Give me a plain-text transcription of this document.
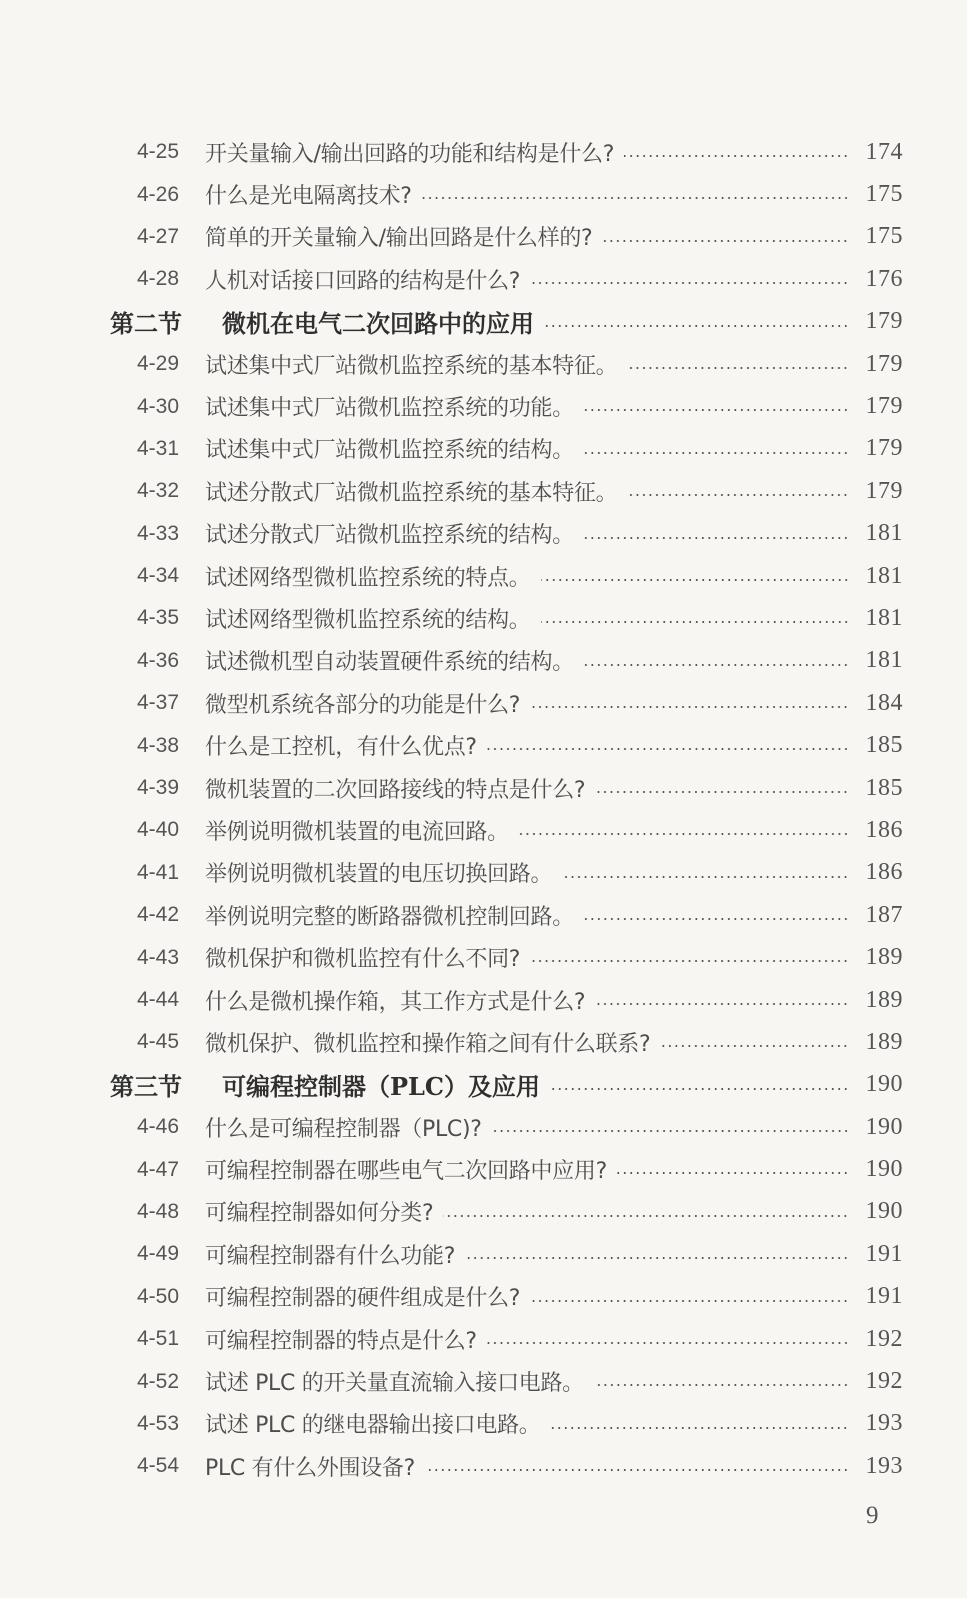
4-25	开关量输入/输出回路的功能和结构是什么?	174
4-26	什么是光电隔离技术?	175
4-27	简单的开关量输入/输出回路是什么样的?	175
4-28	人机对话接口回路的结构是什么?	176
第二节 微机在电气二次回路中的应用	179
4-29	试述集中式厂站微机监控系统的基本特征。	179
4-30	试述集中式厂站微机监控系统的功能。	179
4-31	试述集中式厂站微机监控系统的结构。	179
4-32	试述分散式厂站微机监控系统的基本特征。	179
4-33	试述分散式厂站微机监控系统的结构。	181
4-34	试述网络型微机监控系统的特点。	181
4-35	试述网络型微机监控系统的结构。	181
4-36	试述微机型自动装置硬件系统的结构。	181
4-37	微型机系统各部分的功能是什么?	184
4-38	什么是工控机，有什么优点?	185
4-39	微机装置的二次回路接线的特点是什么?	185
4-40	举例说明微机装置的电流回路。	186
4-41	举例说明微机装置的电压切换回路。	186
4-42	举例说明完整的断路器微机控制回路。	187
4-43	微机保护和微机监控有什么不同?	189
4-44	什么是微机操作箱，其工作方式是什么?	189
4-45	微机保护、微机监控和操作箱之间有什么联系?	189
第三节 可编程控制器（PLC）及应用	190
4-46	什么是可编程控制器（PLC)?	190
4-47	可编程控制器在哪些电气二次回路中应用?	190
4-48	可编程控制器如何分类?	190
4-49	可编程控制器有什么功能?	191
4-50	可编程控制器的硬件组成是什么?	191
4-51	可编程控制器的特点是什么?	192
4-52	试述 PLC 的开关量直流输入接口电路。	192
4-53	试述 PLC 的继电器输出接口电路。	193
4-54	PLC 有什么外围设备?	193
9
